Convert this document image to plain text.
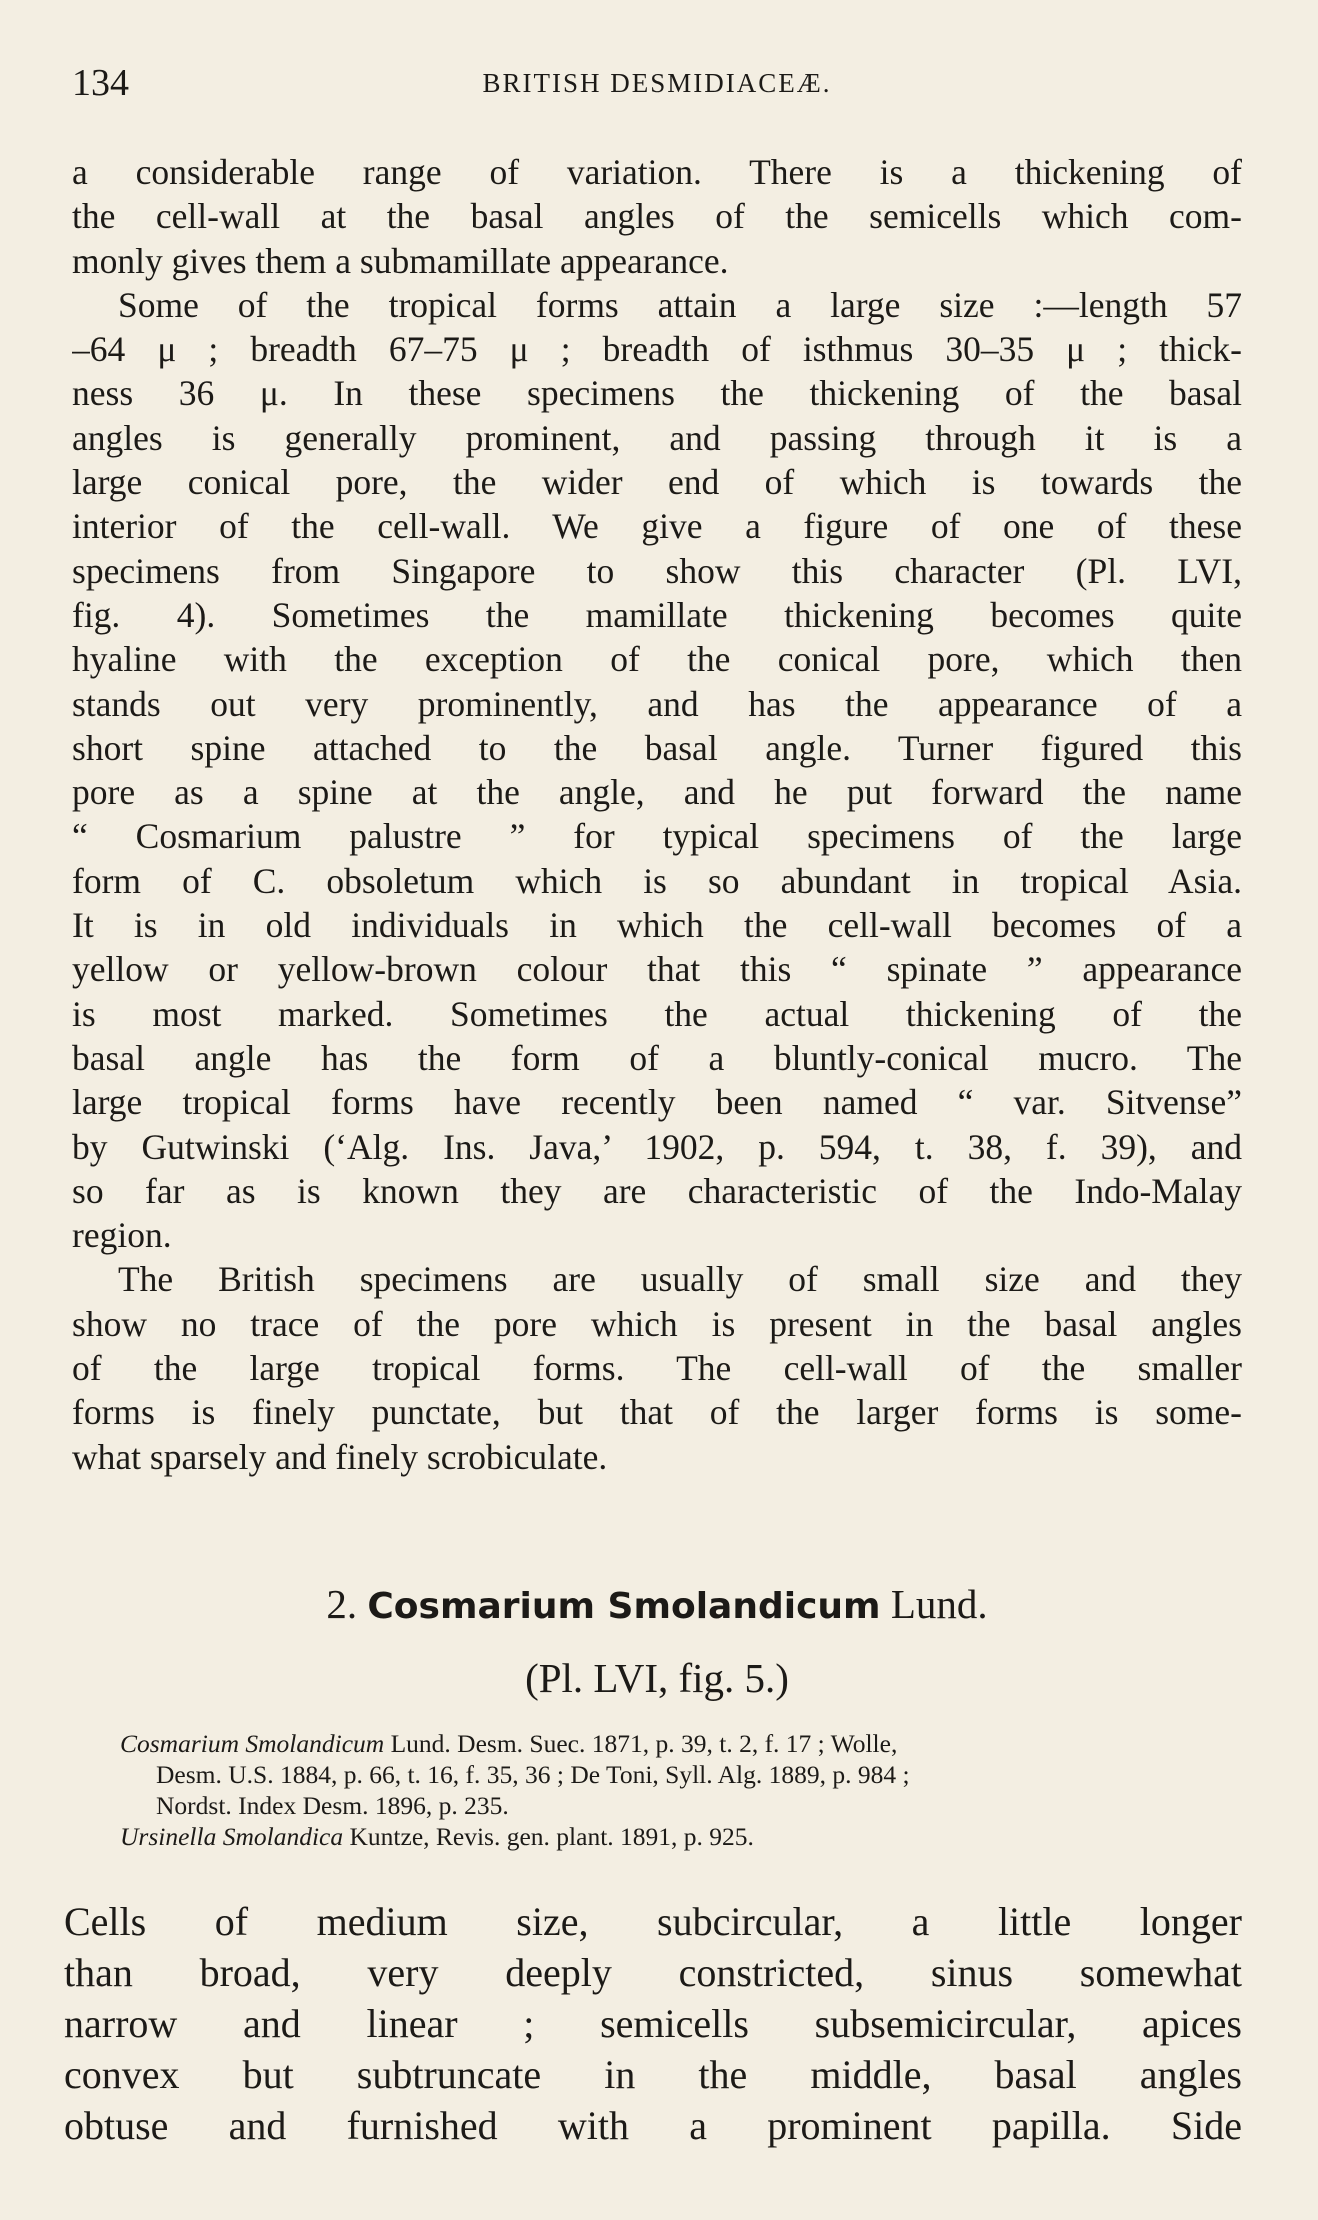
134	BRITISH DESMIDIACEÆ.
a considerable range of variation. There is a thickening of
the cell-wall at the basal angles of the semicells which com-
monly gives them a submamillate appearance.
Some of the tropical forms attain a large size :—length 57
–64 μ ; breadth 67–75 μ ; breadth of isthmus 30–35 μ ; thick-
ness 36 μ. In these specimens the thickening of the basal
angles is generally prominent, and passing through it is a
large conical pore, the wider end of which is towards the
interior of the cell-wall. We give a figure of one of these
specimens from Singapore to show this character (Pl. LVI,
fig. 4). Sometimes the mamillate thickening becomes quite
hyaline with the exception of the conical pore, which then
stands out very prominently, and has the appearance of a
short spine attached to the basal angle. Turner figured this
pore as a spine at the angle, and he put forward the name
“ Cosmarium palustre ” for typical specimens of the large
form of C. obsoletum which is so abundant in tropical Asia.
It is in old individuals in which the cell-wall becomes of a
yellow or yellow-brown colour that this “ spinate ” appearance
is most marked. Sometimes the actual thickening of the
basal angle has the form of a bluntly-conical mucro. The
large tropical forms have recently been named “ var. Sitvense”
by Gutwinski (‘Alg. Ins. Java,’ 1902, p. 594, t. 38, f. 39), and
so far as is known they are characteristic of the Indo-Malay
region.
The British specimens are usually of small size and they
show no trace of the pore which is present in the basal angles
of the large tropical forms. The cell-wall of the smaller
forms is finely punctate, but that of the larger forms is some-
what sparsely and finely scrobiculate.
2. Cosmarium Smolandicum Lund.
(Pl. LVI, fig. 5.)
Cosmarium Smolandicum Lund. Desm. Suec. 1871, p. 39, t. 2, f. 17 ; Wolle,
Desm. U.S. 1884, p. 66, t. 16, f. 35, 36 ; De Toni, Syll. Alg. 1889, p. 984 ;
Nordst. Index Desm. 1896, p. 235.
Ursinella Smolandica Kuntze, Revis. gen. plant. 1891, p. 925.
Cells of medium size, subcircular, a little longer
than broad, very deeply constricted, sinus somewhat
narrow and linear ; semicells subsemicircular, apices
convex but subtruncate in the middle, basal angles
obtuse and furnished with a prominent papilla. Side
